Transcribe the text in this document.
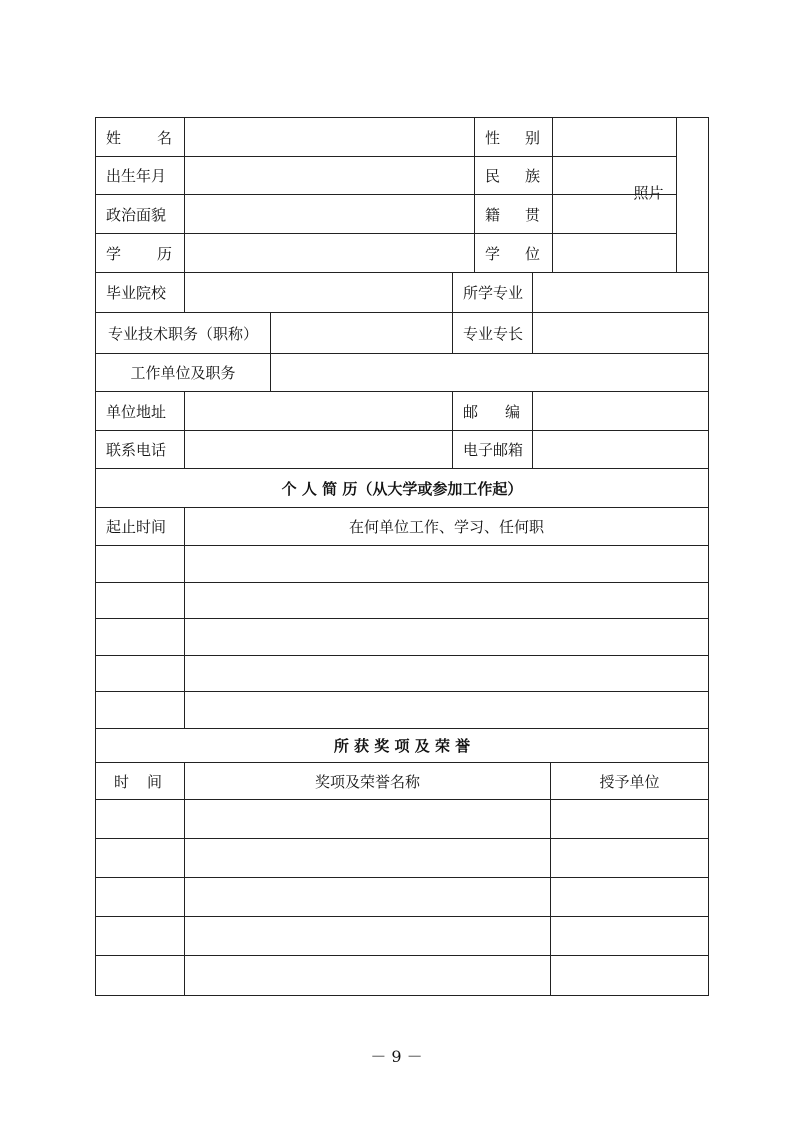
姓 名	性 别
照片
出生年月	民 族
政治面貌	籍 贯
学 历	学 位
毕业院校	所学专业
专业技术职务（职称）	专业专长
工作单位及职务
单位地址	邮 编
联系电话	电子邮箱
个 人 简 历（从大学或参加工作起）
起止时间	在何单位工作、学习、任何职
所 获 奖 项 及 荣 誉
时 间	奖项及荣誉名称	授予单位
－ 9 －
